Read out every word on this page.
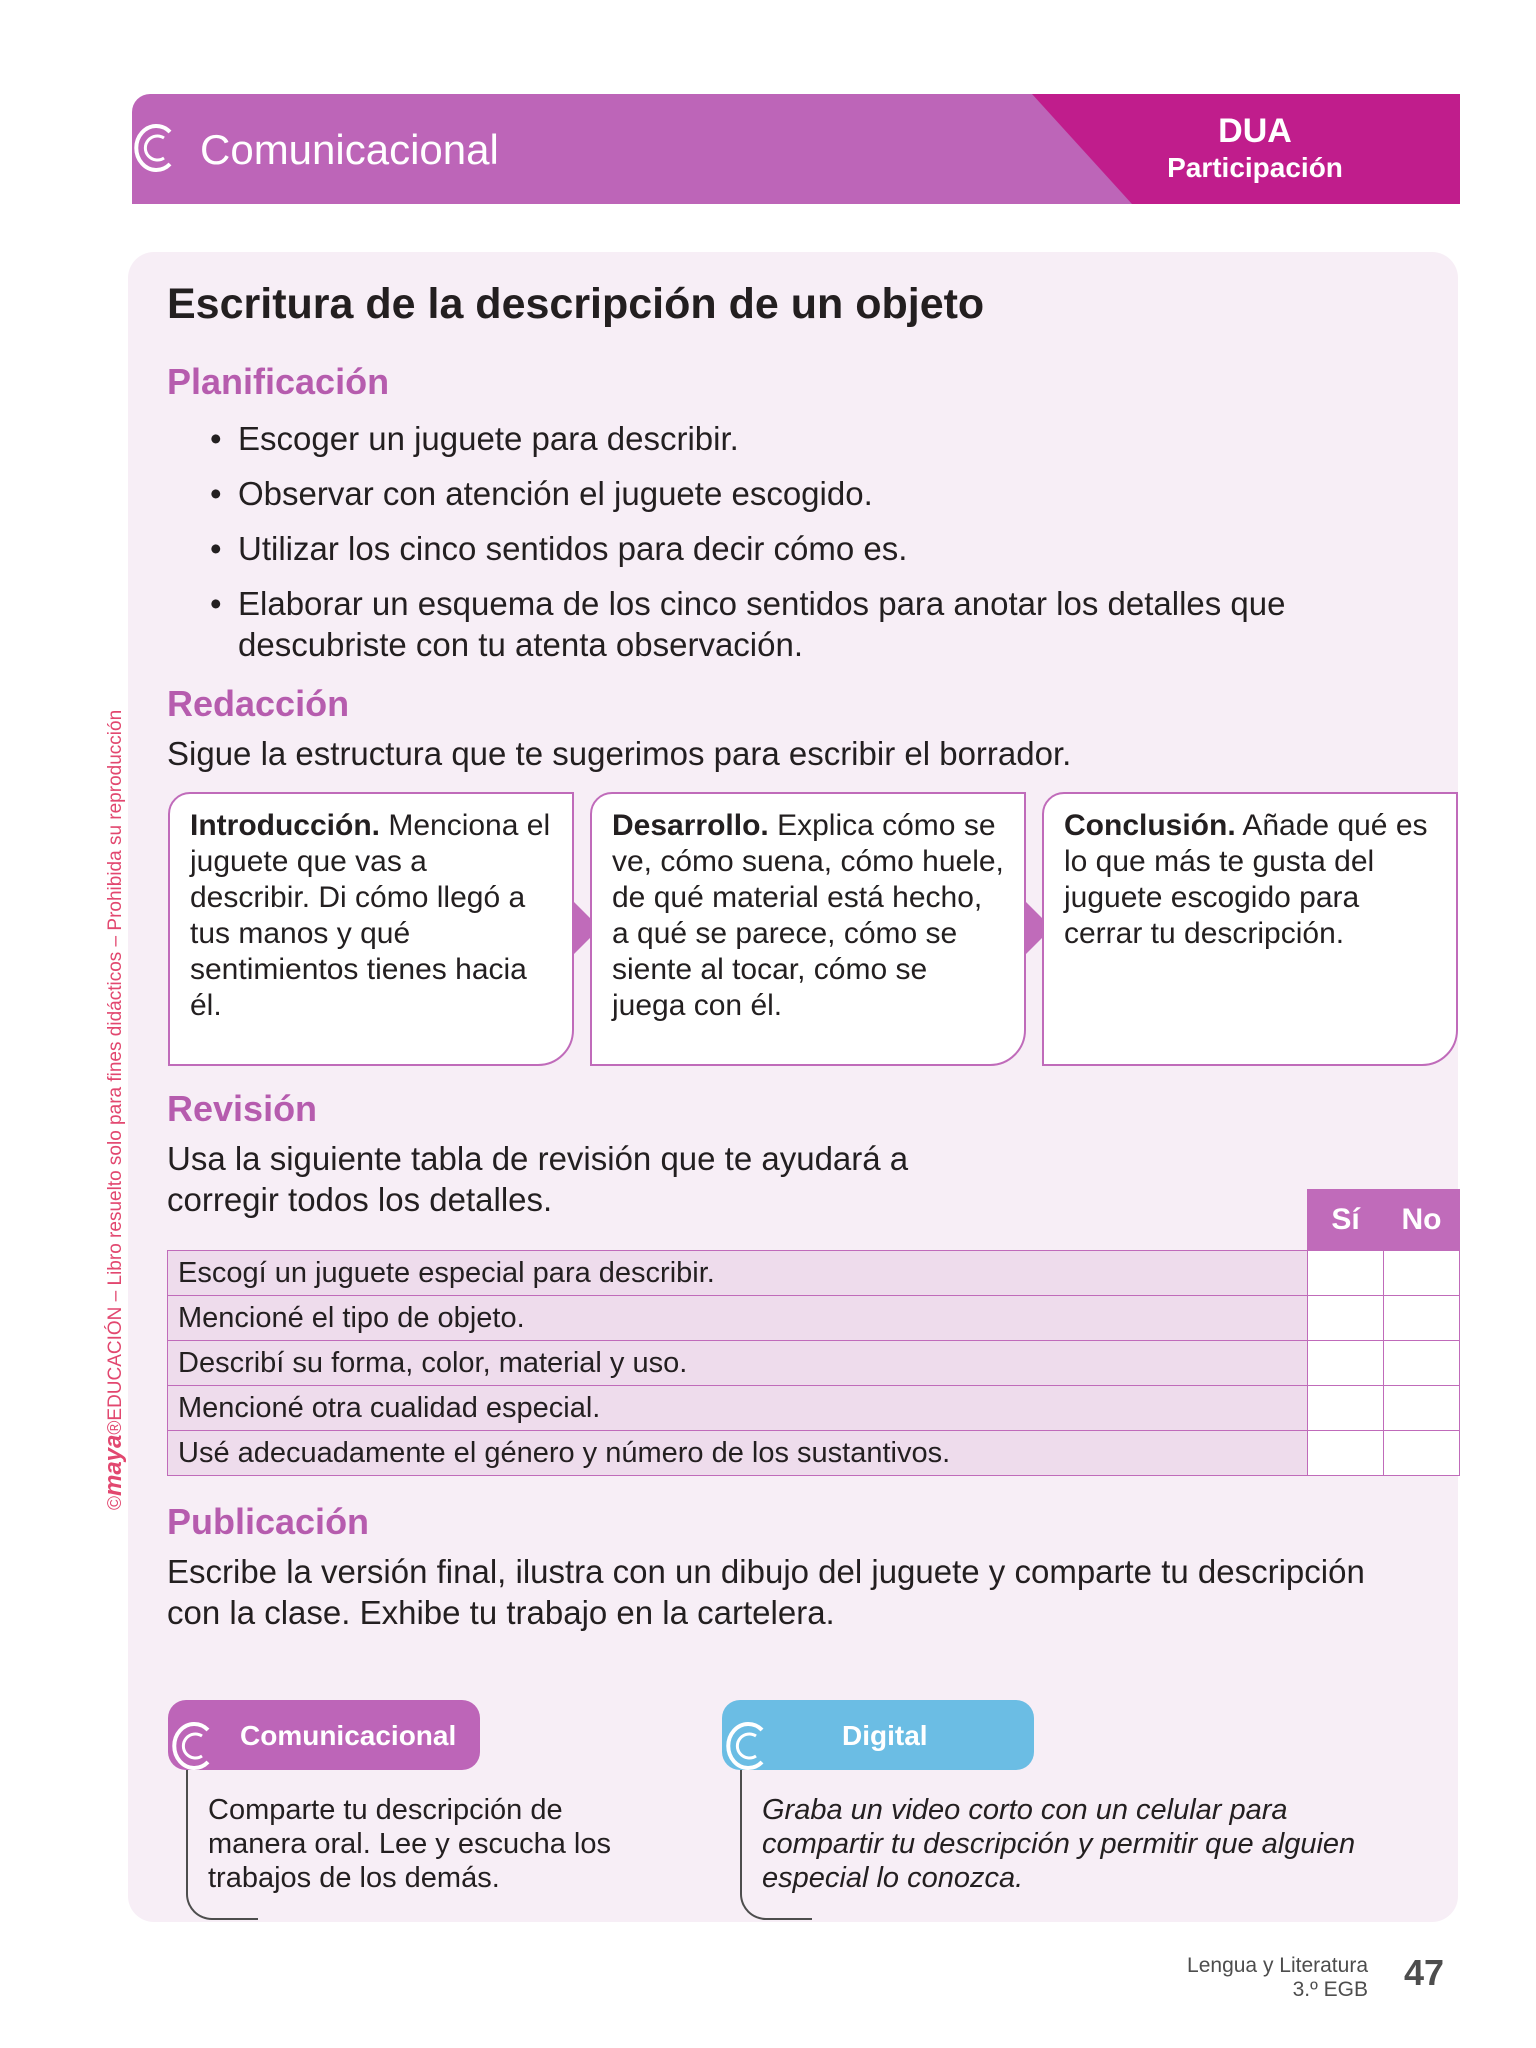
Comunicacional	DUA
Participación
©maya®EDUCACIÓN – Libro resuelto solo para fines didácticos – Prohibida su reproducción
Escritura de la descripción de un objeto
Planificación
• Escoger un juguete para describir.
• Observar con atención el juguete escogido.
• Utilizar los cinco sentidos para decir cómo es.
• Elaborar un esquema de los cinco sentidos para anotar los detalles que descubriste con tu atenta observación.
Redacción
Sigue la estructura que te sugerimos para escribir el borrador.
Introducción. Menciona el juguete que vas a describir. Di cómo llegó a tus manos y qué sentimientos tienes hacia él.
Desarrollo. Explica cómo se ve, cómo suena, cómo huele, de qué material está hecho, a qué se parece, cómo se siente al tocar, cómo se juega con él.
Conclusión. Añade qué es lo que más te gusta del juguete escogido para cerrar tu descripción.
Revisión
Usa la siguiente tabla de revisión que te ayudará a corregir todos los detalles.
	Sí	No
Escogí un juguete especial para describir.		
Mencioné el tipo de objeto.		
Describí su forma, color, material y uso.		
Mencioné otra cualidad especial.		
Usé adecuadamente el género y número de los sustantivos.		
Publicación
Escribe la versión final, ilustra con un dibujo del juguete y comparte tu descripción con la clase. Exhibe tu trabajo en la cartelera.
Comunicacional
Comparte tu descripción de manera oral. Lee y escucha los trabajos de los demás.
Digital
Graba un video corto con un celular para compartir tu descripción y permitir que alguien especial lo conozca.
Lengua y Literatura
3.º EGB 47
